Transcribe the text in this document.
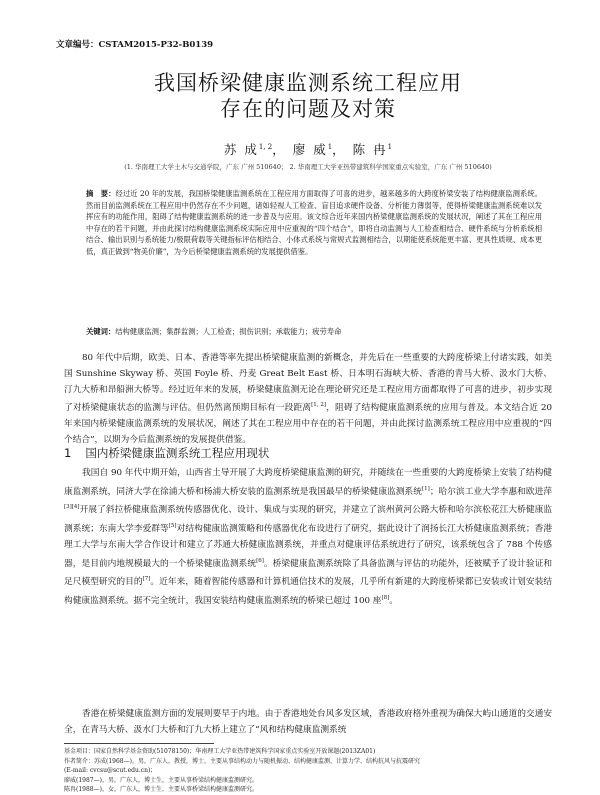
文章编号：CSTAM2015-P32-B0139
我国桥梁健康监测系统工程应用
存在的问题及对策
苏 成$^{1, 2}$， 廖 威$^1$， 陈 冉$^1$
(1. 华南理工大学土木与交通学院，广东 广州 510640； 2. 华南理工大学亚热带建筑科学国家重点实验室，广东 广州 510640)
摘　要：经过近 20 年的发展，我国桥梁健康监测系统在工程应用方面取得了可喜的进步，越来越多的大跨度桥梁安装了结构健康监测系统。然而目前监测系统在工程应用中仍然存在不少问题，诸如轻视人工检查、盲目追求硬件设备、分析能力薄弱等，使得桥梁健康监测系统难以发挥应有的功能作用，阻碍了结构健康监测系统的进一步普及与应用。该文综合近年来国内桥梁健康监测系统的发展状况，阐述了其在工程应用中存在的若干问题，并由此探讨结构健康监测系统实际应用中应重视的“四个结合”，即将自动监测与人工检查相结合、硬件系统与分析系统相结合、输出识别与系统能力/极限荷载等关键指标评估相结合、小体式系统与常规式监测相结合，以期能使系统能更丰富、更具性质规、成本更低，真正做到“物美价廉”，为今后桥梁健康监测系统的发展提供借鉴。
关键词：结构健康监测；集群监测；人工检查；损伤识别；承载能力；疲劳寿命
80 年代中后期，欧美、日本、香港等率先提出桥梁健康监测的新概念，并先后在一些重要的大跨度桥梁上付诸实践，如美国 Sunshine Skyway 桥、英国 Foyle 桥、丹麦 Great Belt East 桥、日本明石海峡大桥、香港的青马大桥、汲水门大桥、汀九大桥和昂船洲大桥等。经过近年来的发展，桥梁健康监测无论在理论研究还是工程应用方面都取得了可喜的进步，初步实现了对桥梁健康状态的监测与评估。但仍然离预期目标有一段距离[1, 2]，阻碍了结构健康监测系统的应用与普及。本文结合近 20 年来国内桥梁健康监测系统的发展状况，阐述了其在工程应用中存在的若干问题，并由此探讨监测系统工程应用中应重视的“四个结合”，以期为今后监测系统的发展提供借鉴。
1 国内桥梁健康监测系统工程应用现状
我国自 90 年代中期开始，山西省土导开展了大跨度桥梁健康监测的研究，并随续在一些重要的大跨度桥梁上安装了结构健康监测系统，同济大学在徐浦大桥和杨浦大桥安装的监测系统是我国最早的桥梁健康监测系统[1]；哈尔滨工业大学李惠和欧进萍[3][4]开展了斜拉桥健康监测系统传感器优化、设计、集成与实现的研究，并建立了滨州黄河公路大桥和哈尔滨松花江大桥健康监测系统；东南大学李爱群等[5]对结构健康监测策略和传感器优化布设进行了研究，据此设计了润扬长江大桥健康监测系统；香港理工大学与东南大学合作设计和建立了苏通大桥健康监测系统，并重点对健康评估系统进行了研究，该系统包含了 788 个传感器，是目前内地规模最大的一个桥梁健康监测系统[6]。桥梁健康监测系统除了具备监测与评估的功能外，还被赋予了设计验证和足尺模型研究的目的[7]。近年来，随着智能传感器和计算机通信技术的发展，几乎所有新建的大跨度桥梁都已安装或计划安装结构健康监测系统。据不完全统计，我国安装结构健康监测系统的桥梁已超过 100 座[8]。
香港在桥梁健康监测方面的发展则要早于内地。由于香港地处台风多发区域，香港政府格外重视为确保大屿山通道的交通安全，在青马大桥、汲水门大桥和汀九大桥上建立了“风和结构健康监测系统
基金项目：国家自然科学基金资助(51078150)；华南理工大学亚热带建筑科学国家重点实验室开放课题(2013ZA01)
作者简介：苏成(1968—)，男，广东人，教授，博士，主要从事结构动力与随机振动、结构健康监测、计算力学、结构抗风与抗震研究
(E-mail: cvcsu@scut.edu.cn)；
廖威(1987—)，男，广东人，博士生，主要从事桥梁结构健康监测研究。
陈冉(1988—)，女，广东人，博士生，主要从事桥梁结构健康监测研究。
